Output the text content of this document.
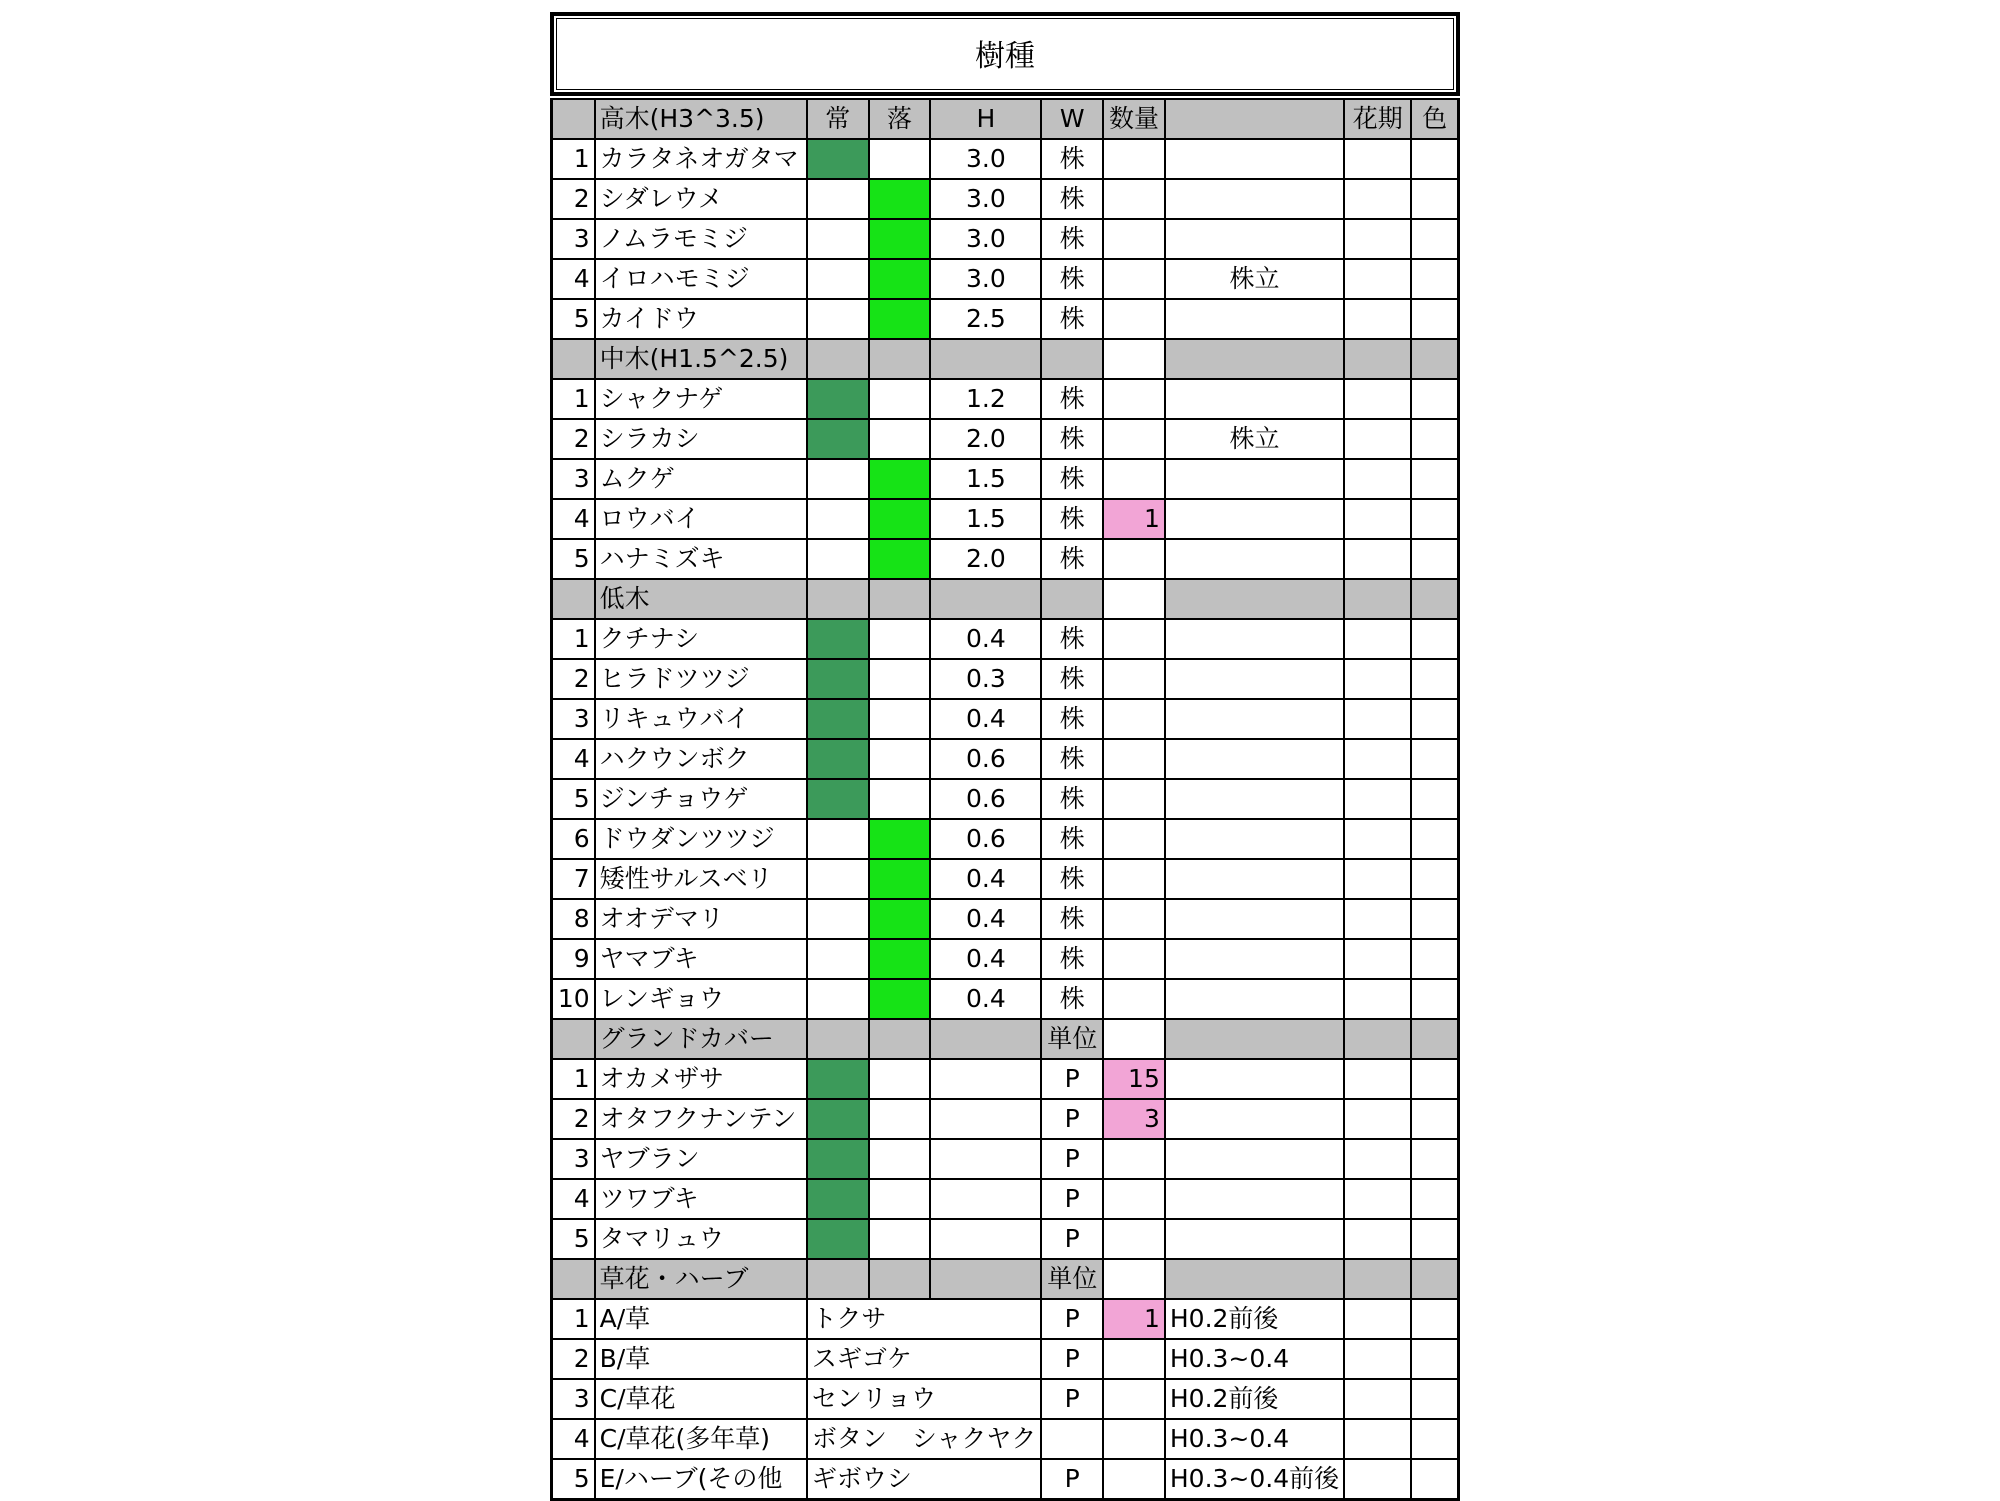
樹種
	高木(H3^3.5)	常	落	H	W	数量		花期	色
1	カラタネオガタマ			3.0	株				
2	シダレウメ			3.0	株				
3	ノムラモミジ			3.0	株				
4	イロハモミジ			3.0	株		株立		
5	カイドウ			2.5	株				
	中木(H1.5^2.5)								
1	シャクナゲ			1.2	株				
2	シラカシ			2.0	株		株立		
3	ムクゲ			1.5	株				
4	ロウバイ			1.5	株	1			
5	ハナミズキ			2.0	株				
	低木								
1	クチナシ			0.4	株				
2	ヒラドツツジ			0.3	株				
3	リキュウバイ			0.4	株				
4	ハクウンボク			0.6	株				
5	ジンチョウゲ			0.6	株				
6	ドウダンツツジ			0.6	株				
7	矮性サルスベリ			0.4	株				
8	オオデマリ			0.4	株				
9	ヤマブキ			0.4	株				
10	レンギョウ			0.4	株				
	グランドカバー				単位				
1	オカメザサ				P	15			
2	オタフクナンテン				P	3			
3	ヤブラン				P				
4	ツワブキ				P				
5	タマリュウ				P				
	草花・ハーブ				単位				
1	A/草	トクサ			P	1	H0.2前後		
2	B/草	スギゴケ			P		H0.3~0.4		
3	C/草花	センリョウ			P		H0.2前後		
4	C/草花(多年草)	ボタン　シャクヤク					H0.3~0.4		
5	E/ハーブ(その他	ギボウシ			P		H0.3~0.4前後		
